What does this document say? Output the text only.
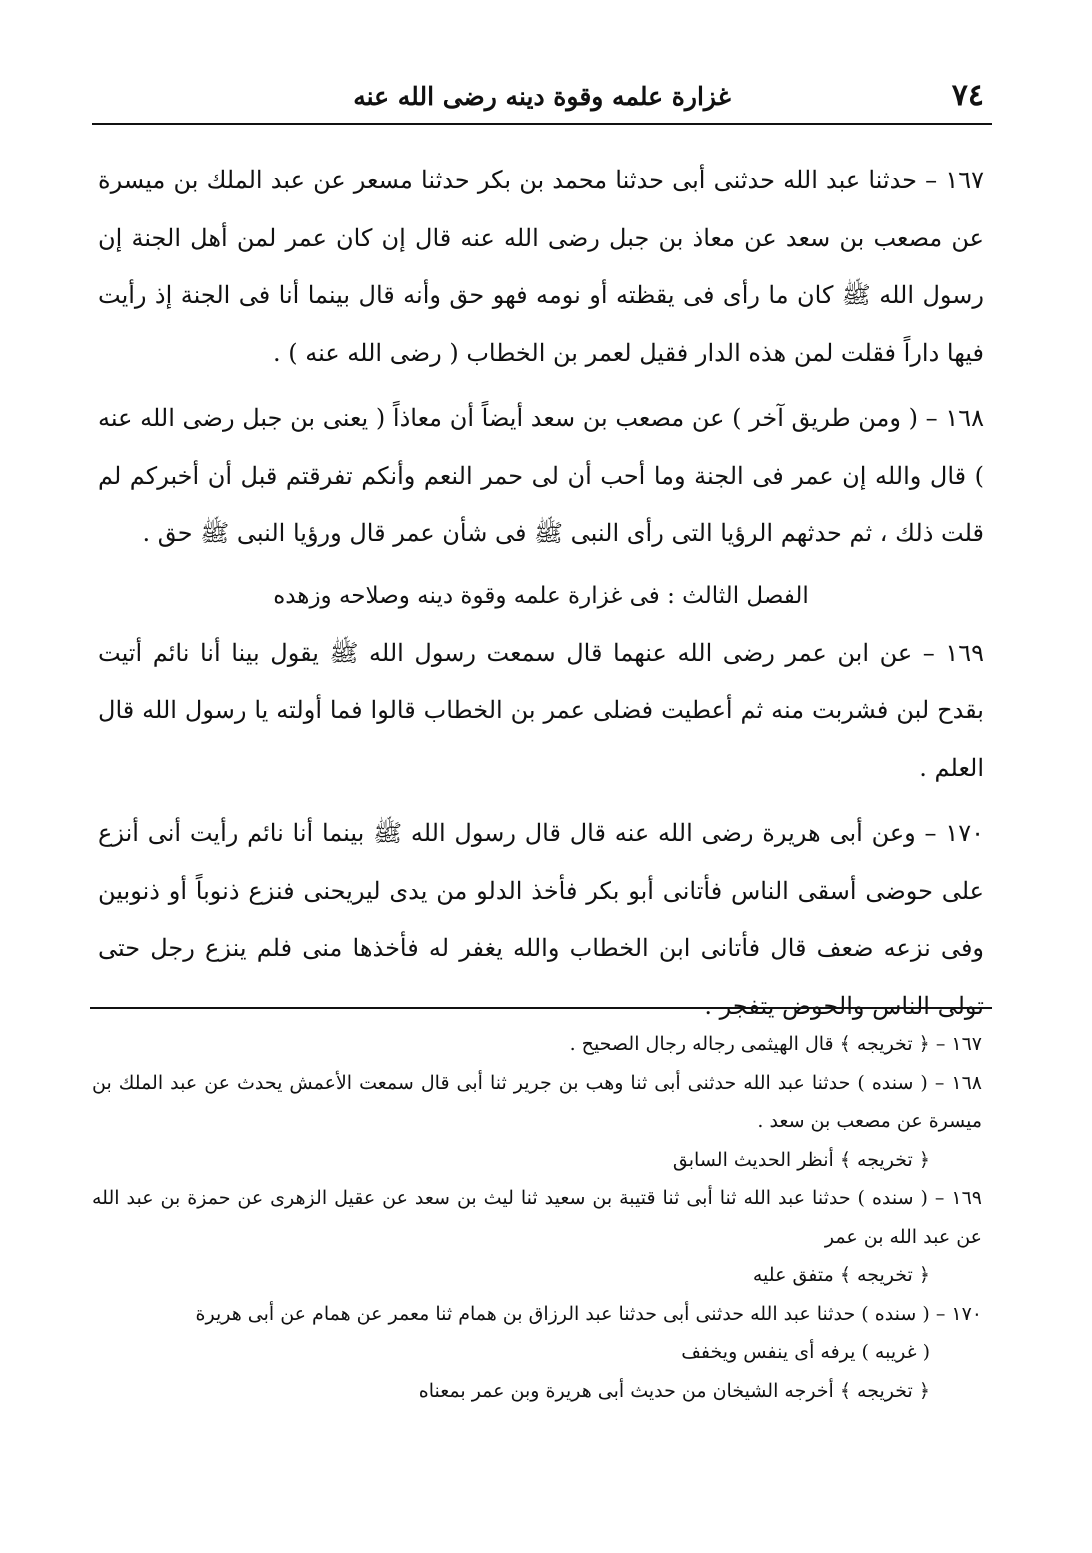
٧٤
غزارة علمه وقوة دينه رضى الله عنه

١٦٧ – حدثنا عبد الله حدثنى أبى حدثنا محمد بن بكر حدثنا مسعر عن عبد الملك بن ميسرة عن مصعب بن سعد عن معاذ بن جبل رضى الله عنه قال إن كان عمر لمن أهل الجنة إن رسول الله ﷺ كان ما رأى فى يقظته أو نومه فهو حق وأنه قال بينما أنا فى الجنة إذ رأيت فيها داراً فقلت لمن هذه الدار فقيل لعمر بن الخطاب ( رضى الله عنه ) .

١٦٨ – ( ومن طريق آخر ) عن مصعب بن سعد أيضاً أن معاذاً ( يعنى بن جبل رضى الله عنه ) قال والله إن عمر فى الجنة وما أحب أن لى حمر النعم وأنكم تفرقتم قبل أن أخبركم لم قلت ذلك ، ثم حدثهم الرؤيا التى رأى النبى ﷺ فى شأن عمر قال ورؤيا النبى ﷺ حق .

الفصل الثالث : فى غزارة علمه وقوة دينه وصلاحه وزهده

١٦٩ – عن ابن عمر رضى الله عنهما قال سمعت رسول الله ﷺ يقول بينا أنا نائم أتيت بقدح لبن فشربت منه ثم أعطيت فضلى عمر بن الخطاب قالوا فما أولته يا رسول الله قال العلم .

١٧٠ – وعن أبى هريرة رضى الله عنه قال قال رسول الله ﷺ بينما أنا نائم رأيت أنى أنزع على حوضى أسقى الناس فأتانى أبو بكر فأخذ الدلو من يدى ليريحنى فنزع ذنوباً أو ذنوبين وفى نزعه ضعف قال فأتانى ابن الخطاب والله يغفر له فأخذها منى فلم ينزع رجل حتى تولى الناس والحوض يتفجر .

١٦٧ – ﴿ تخريجه ﴾ قال الهيثمى رجاله رجال الصحيح .

١٦٨ – ( سنده ) حدثنا عبد الله حدثنى أبى ثنا وهب بن جرير ثنا أبى قال سمعت الأعمش يحدث عن عبد الملك بن ميسرة عن مصعب بن سعد .

﴿ تخريجه ﴾ أنظر الحديث السابق

١٦٩ – ( سنده ) حدثنا عبد الله ثنا أبى ثنا قتيبة بن سعيد ثنا ليث بن سعد عن عقيل الزهرى عن حمزة بن عبد الله عن عبد الله بن عمر

﴿ تخريجه ﴾ متفق عليه

١٧٠ – ( سنده ) حدثنا عبد الله حدثنى أبى حدثنا عبد الرزاق بن همام ثنا معمر عن همام عن أبى هريرة

( غريبه ) يرفه أى ينفس ويخفف

﴿ تخريجه ﴾ أخرجه الشيخان من حديث أبى هريرة وبن عمر بمعناه
